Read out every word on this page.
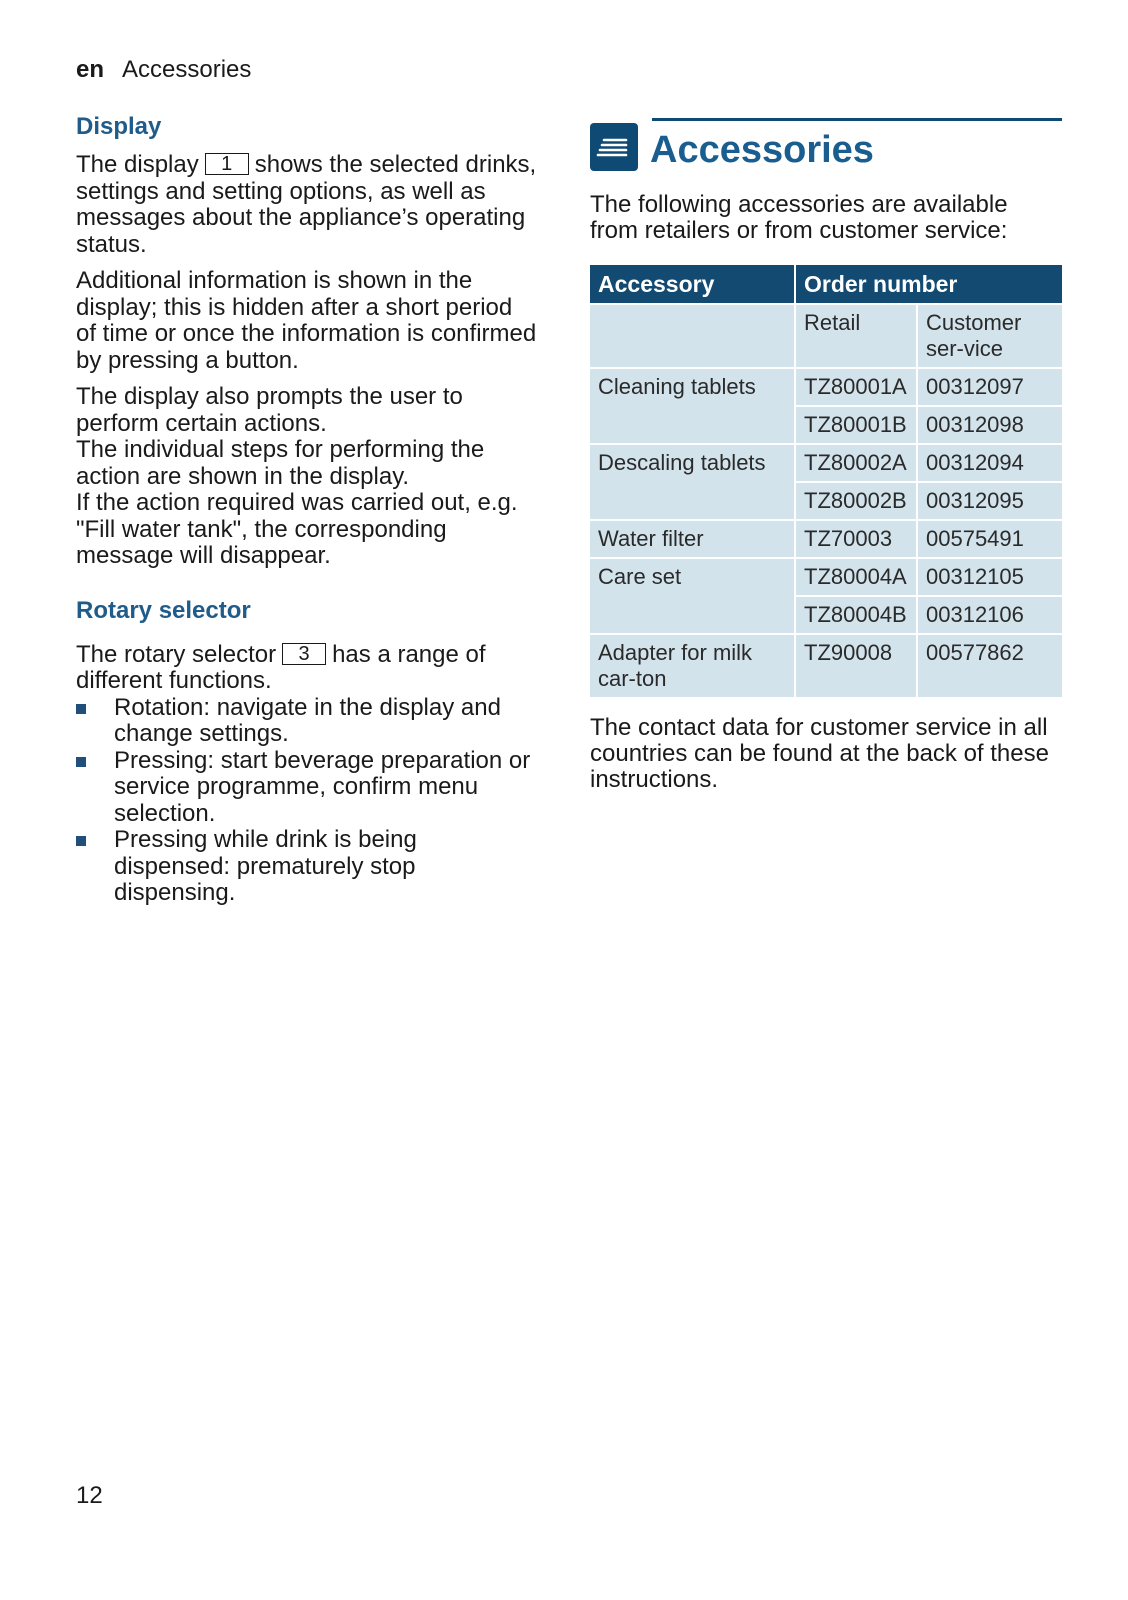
en Accessories
Display

The display 1 shows the selected drinks, settings and setting options, as well as messages about the appliance’s operating status.

Additional information is shown in the display; this is hidden after a short period of time or once the information is confirmed by pressing a button.

The display also prompts the user to perform certain actions.

The individual steps for performing the action are shown in the display.

If the action required was carried out, e.g. "Fill water tank", the corresponding message will disappear.

Rotary selector

The rotary selector 3 has a range of different functions.

Rotation: navigate in the display and change settings.
Pressing: start beverage preparation or service programme, confirm menu selection.
Pressing while drink is being dispensed: prematurely stop dispensing.
Accessories

The following accessories are available from retailers or from customer service:

Accessory	Order number	
	Retail	Customer ser-vice
Cleaning tablets	TZ80001A	00312097
	TZ80001B	00312098
Descaling tablets	TZ80002A	00312094
	TZ80002B	00312095
Water filter	TZ70003	00575491
Care set	TZ80004A	00312105
	TZ80004B	00312106
Adapter for milk car-ton	TZ90008	00577862

The contact data for customer service in all countries can be found at the back of these instructions.

12
